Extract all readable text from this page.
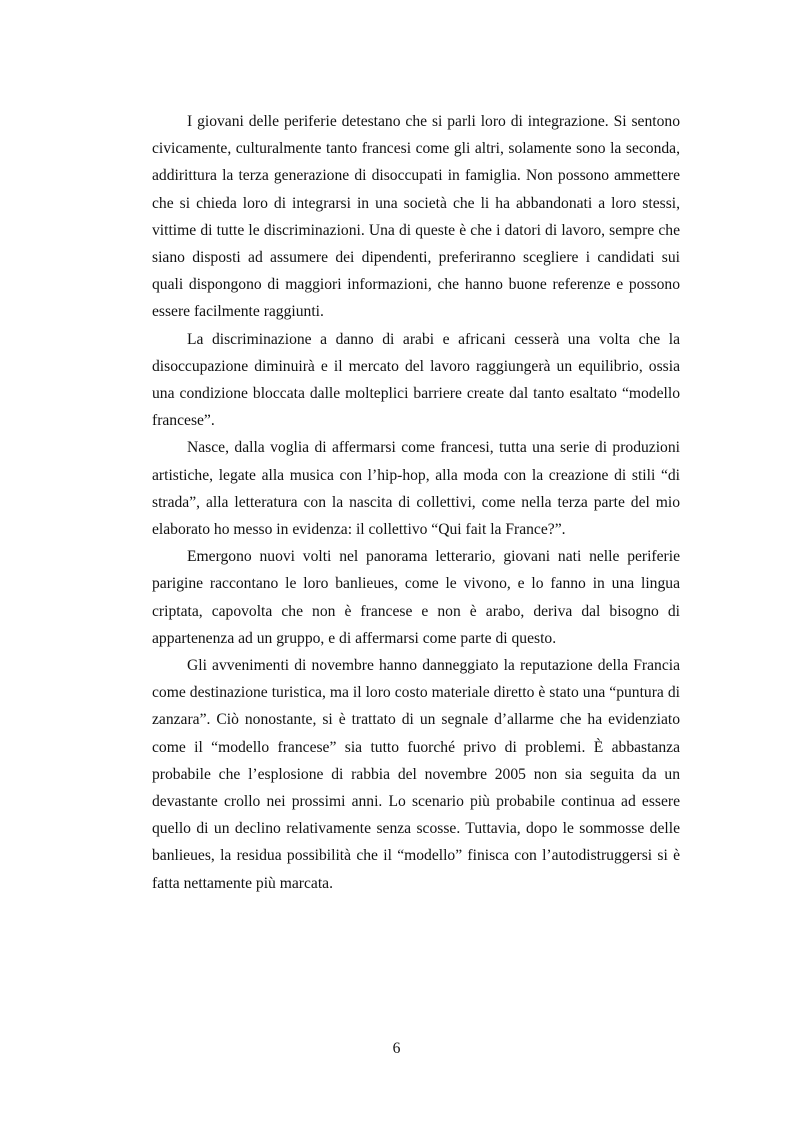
I giovani delle periferie detestano che si parli loro di integrazione. Si sentono civicamente, culturalmente tanto francesi come gli altri, solamente sono la seconda, addirittura la terza generazione di disoccupati in famiglia. Non possono ammettere che si chieda loro di integrarsi in una società che li ha abbandonati a loro stessi, vittime di tutte le discriminazioni. Una di queste è che i datori di lavoro, sempre che siano disposti ad assumere dei dipendenti, preferiranno scegliere i candidati sui quali dispongono di maggiori informazioni, che hanno buone referenze e possono essere facilmente raggiunti.

La discriminazione a danno di arabi e africani cesserà una volta che la disoccupazione diminuirà e il mercato del lavoro raggiungerà un equilibrio, ossia una condizione bloccata dalle molteplici barriere create dal tanto esaltato “modello francese”.

Nasce, dalla voglia di affermarsi come francesi, tutta una serie di produzioni artistiche, legate alla musica con l’hip-hop, alla moda con la creazione di stili “di strada”, alla letteratura con la nascita di collettivi, come nella terza parte del mio elaborato ho messo in evidenza: il collettivo “Qui fait la France?”.

Emergono nuovi volti nel panorama letterario, giovani nati nelle periferie parigine raccontano le loro banlieues, come le vivono, e lo fanno in una lingua criptata, capovolta che non è francese e non è arabo, deriva dal bisogno di appartenenza ad un gruppo, e di affermarsi come parte di questo.

Gli avvenimenti di novembre hanno danneggiato la reputazione della Francia come destinazione turistica, ma il loro costo materiale diretto è stato una “puntura di zanzara”. Ciò nonostante, si è trattato di un segnale d’allarme che ha evidenziato come il “modello francese” sia tutto fuorché privo di problemi. È abbastanza probabile che l’esplosione di rabbia del novembre 2005 non sia seguita da un devastante crollo nei prossimi anni. Lo scenario più probabile continua ad essere quello di un declino relativamente senza scosse. Tuttavia, dopo le sommosse delle banlieues, la residua possibilità che il “modello” finisca con l’autodistruggersi si è fatta nettamente più marcata.

6
